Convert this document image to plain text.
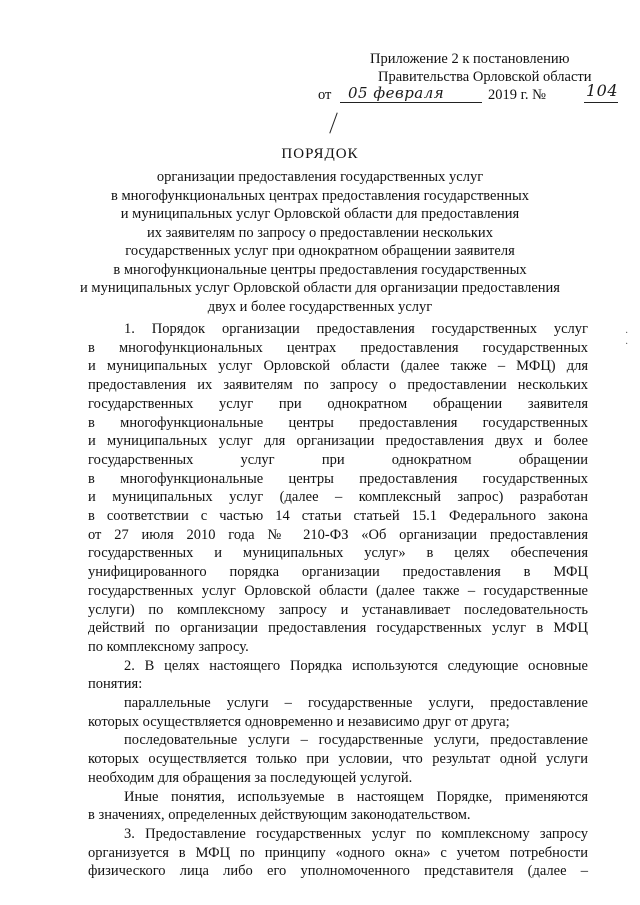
Приложение 2 к постановлению
Правительства Орловской области
от 05 февраля	2019 г. № 104
ПОРЯДОК
организации предоставления государственных услуг
в многофункциональных центрах предоставления государственных
и муниципальных услуг Орловской области для предоставления
их заявителям по запросу о предоставлении нескольких
государственных услуг при однократном обращении заявителя
в многофункциональные центры предоставления государственных
и муниципальных услуг Орловской области для организации предоставления
двух и более государственных услуг
·
·
1. Порядок организации предоставления государственных услуг
в многофункциональных центрах предоставления государственных
и муниципальных услуг Орловской области (далее также – МФЦ) для
предоставления их заявителям по запросу о предоставлении нескольких
государственных услуг при однократном обращении заявителя
в многофункциональные центры предоставления государственных
и муниципальных услуг для организации предоставления двух и более
государственных услуг при однократном обращении
в многофункциональные центры предоставления государственных
и муниципальных услуг (далее – комплексный запрос) разработан
в соответствии с частью 14 статьи статьей 15.1 Федерального закона
от 27 июля 2010 года № 210-ФЗ «Об организации предоставления
государственных и муниципальных услуг» в целях обеспечения
унифицированного порядка организации предоставления в МФЦ
государственных услуг Орловской области (далее также – государственные
услуги) по комплексному запросу и устанавливает последовательность
действий по организации предоставления государственных услуг в МФЦ
по комплексному запросу.
2. В целях настоящего Порядка используются следующие основные
понятия:
параллельные услуги – государственные услуги, предоставление
которых осуществляется одновременно и независимо друг от друга;
последовательные услуги – государственные услуги, предоставление
которых осуществляется только при условии, что результат одной услуги
необходим для обращения за последующей услугой.
Иные понятия, используемые в настоящем Порядке, применяются
в значениях, определенных действующим законодательством.
3. Предоставление государственных услуг по комплексному запросу
организуется в МФЦ по принципу «одного окна» с учетом потребности
физического лица либо его уполномоченного представителя (далее –
